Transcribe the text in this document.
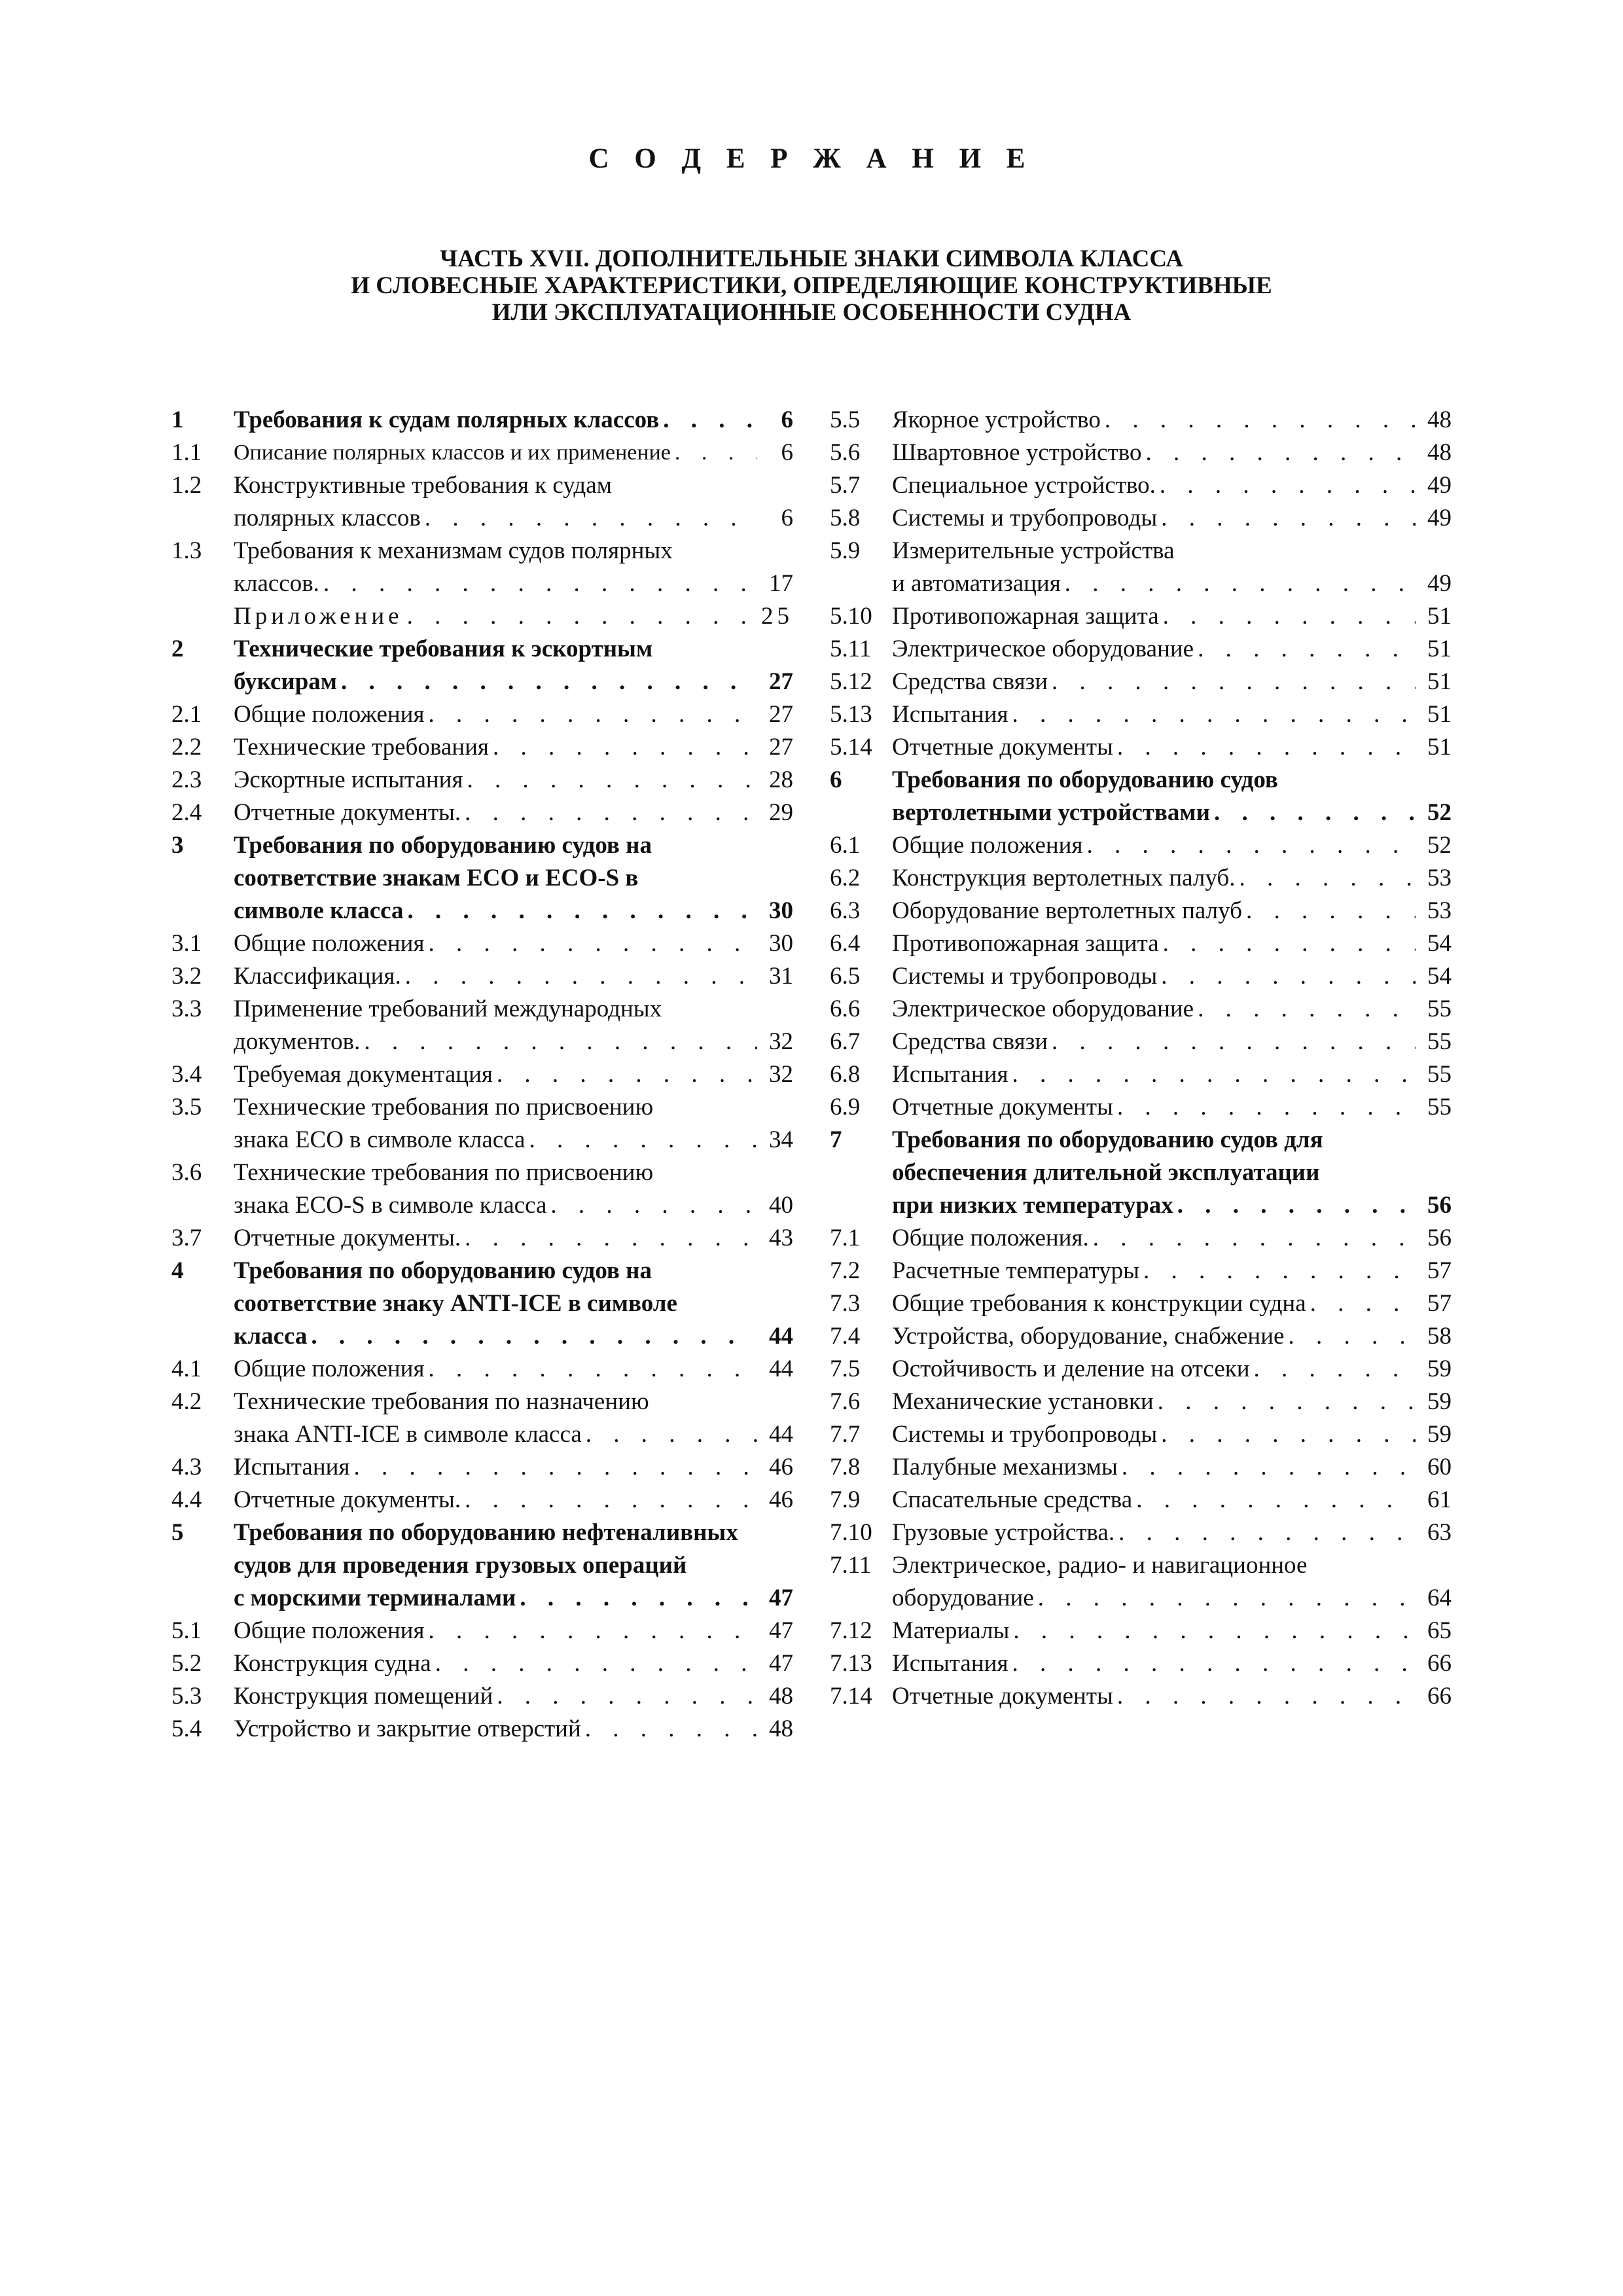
С О Д Е Р Ж А Н И Е
ЧАСТЬ XVII. ДОПОЛНИТЕЛЬНЫЕ ЗНАКИ СИМВОЛА КЛАССА
И СЛОВЕСНЫЕ ХАРАКТЕРИСТИКИ, ОПРЕДЕЛЯЮЩИЕ КОНСТРУКТИВНЫЕ
ИЛИ ЭКСПЛУАТАЦИОННЫЕ ОСОБЕННОСТИ СУДНА
1 Требования к судам полярных классов . . .	6
1.1 Описание полярных классов и их применение . . .	6
1.2 Конструктивные требования к судам
полярных классов . . .	6
1.3 Требования к механизмам судов полярных
классов. . . .	17
Приложение . . .	25
2 Технические требования к эскортным
буксирам . . .	27
2.1 Общие положения . . .	27
2.2 Технические требования . . .	27
2.3 Эскортные испытания . . .	28
2.4 Отчетные документы. . . .	29
3 Требования по оборудованию судов на
соответствие знакам ECO и ECO-S в
символе класса . . .	30
3.1 Общие положения . . .	30
3.2 Классификация. . . .	31
3.3 Применение требований международных
документов. . . .	32
3.4 Требуемая документация . . .	32
3.5 Технические требования по присвоению
знака ECO в символе класса . . .	34
3.6 Технические требования по присвоению
знака ECO-S в символе класса . . .	40
3.7 Отчетные документы. . . .	43
4 Требования по оборудованию судов на
соответствие знаку ANTI-ICE в символе
класса . . .	44
4.1 Общие положения . . .	44
4.2 Технические требования по назначению
знака ANTI-ICE в символе класса . . .	44
4.3 Испытания . . .	46
4.4 Отчетные документы. . . .	46
5 Требования по оборудованию нефтеналивных
судов для проведения грузовых операций
с морскими терминалами . . .	47
5.1 Общие положения . . .	47
5.2 Конструкция судна . . .	47
5.3 Конструкция помещений . . .	48
5.4 Устройство и закрытие отверстий . . .	48
5.5 Якорное устройство . . .	48
5.6 Швартовное устройство . . .	48
5.7 Специальное устройство. . . .	49
5.8 Системы и трубопроводы . . .	49
5.9 Измерительные устройства
и автоматизация . . .	49
5.10 Противопожарная защита . . .	51
5.11 Электрическое оборудование . . .	51
5.12 Средства связи . . .	51
5.13 Испытания . . .	51
5.14 Отчетные документы . . .	51
6 Требования по оборудованию судов
вертолетными устройствами . . .	52
6.1 Общие положения . . .	52
6.2 Конструкция вертолетных палуб. . . .	53
6.3 Оборудование вертолетных палуб . . .	53
6.4 Противопожарная защита . . .	54
6.5 Системы и трубопроводы . . .	54
6.6 Электрическое оборудование . . .	55
6.7 Средства связи . . .	55
6.8 Испытания . . .	55
6.9 Отчетные документы . . .	55
7 Требования по оборудованию судов для
обеспечения длительной эксплуатации
при низких температурах . . .	56
7.1 Общие положения. . . .	56
7.2 Расчетные температуры . . .	57
7.3 Общие требования к конструкции судна . . .	57
7.4 Устройства, оборудование, снабжение . . .	58
7.5 Остойчивость и деление на отсеки . . .	59
7.6 Механические установки . . .	59
7.7 Системы и трубопроводы . . .	59
7.8 Палубные механизмы . . .	60
7.9 Спасательные средства . . .	61
7.10 Грузовые устройства. . . .	63
7.11 Электрическое, радио- и навигационное
оборудование . . .	64
7.12 Материалы . . .	65
7.13 Испытания . . .	66
7.14 Отчетные документы . . .	66
